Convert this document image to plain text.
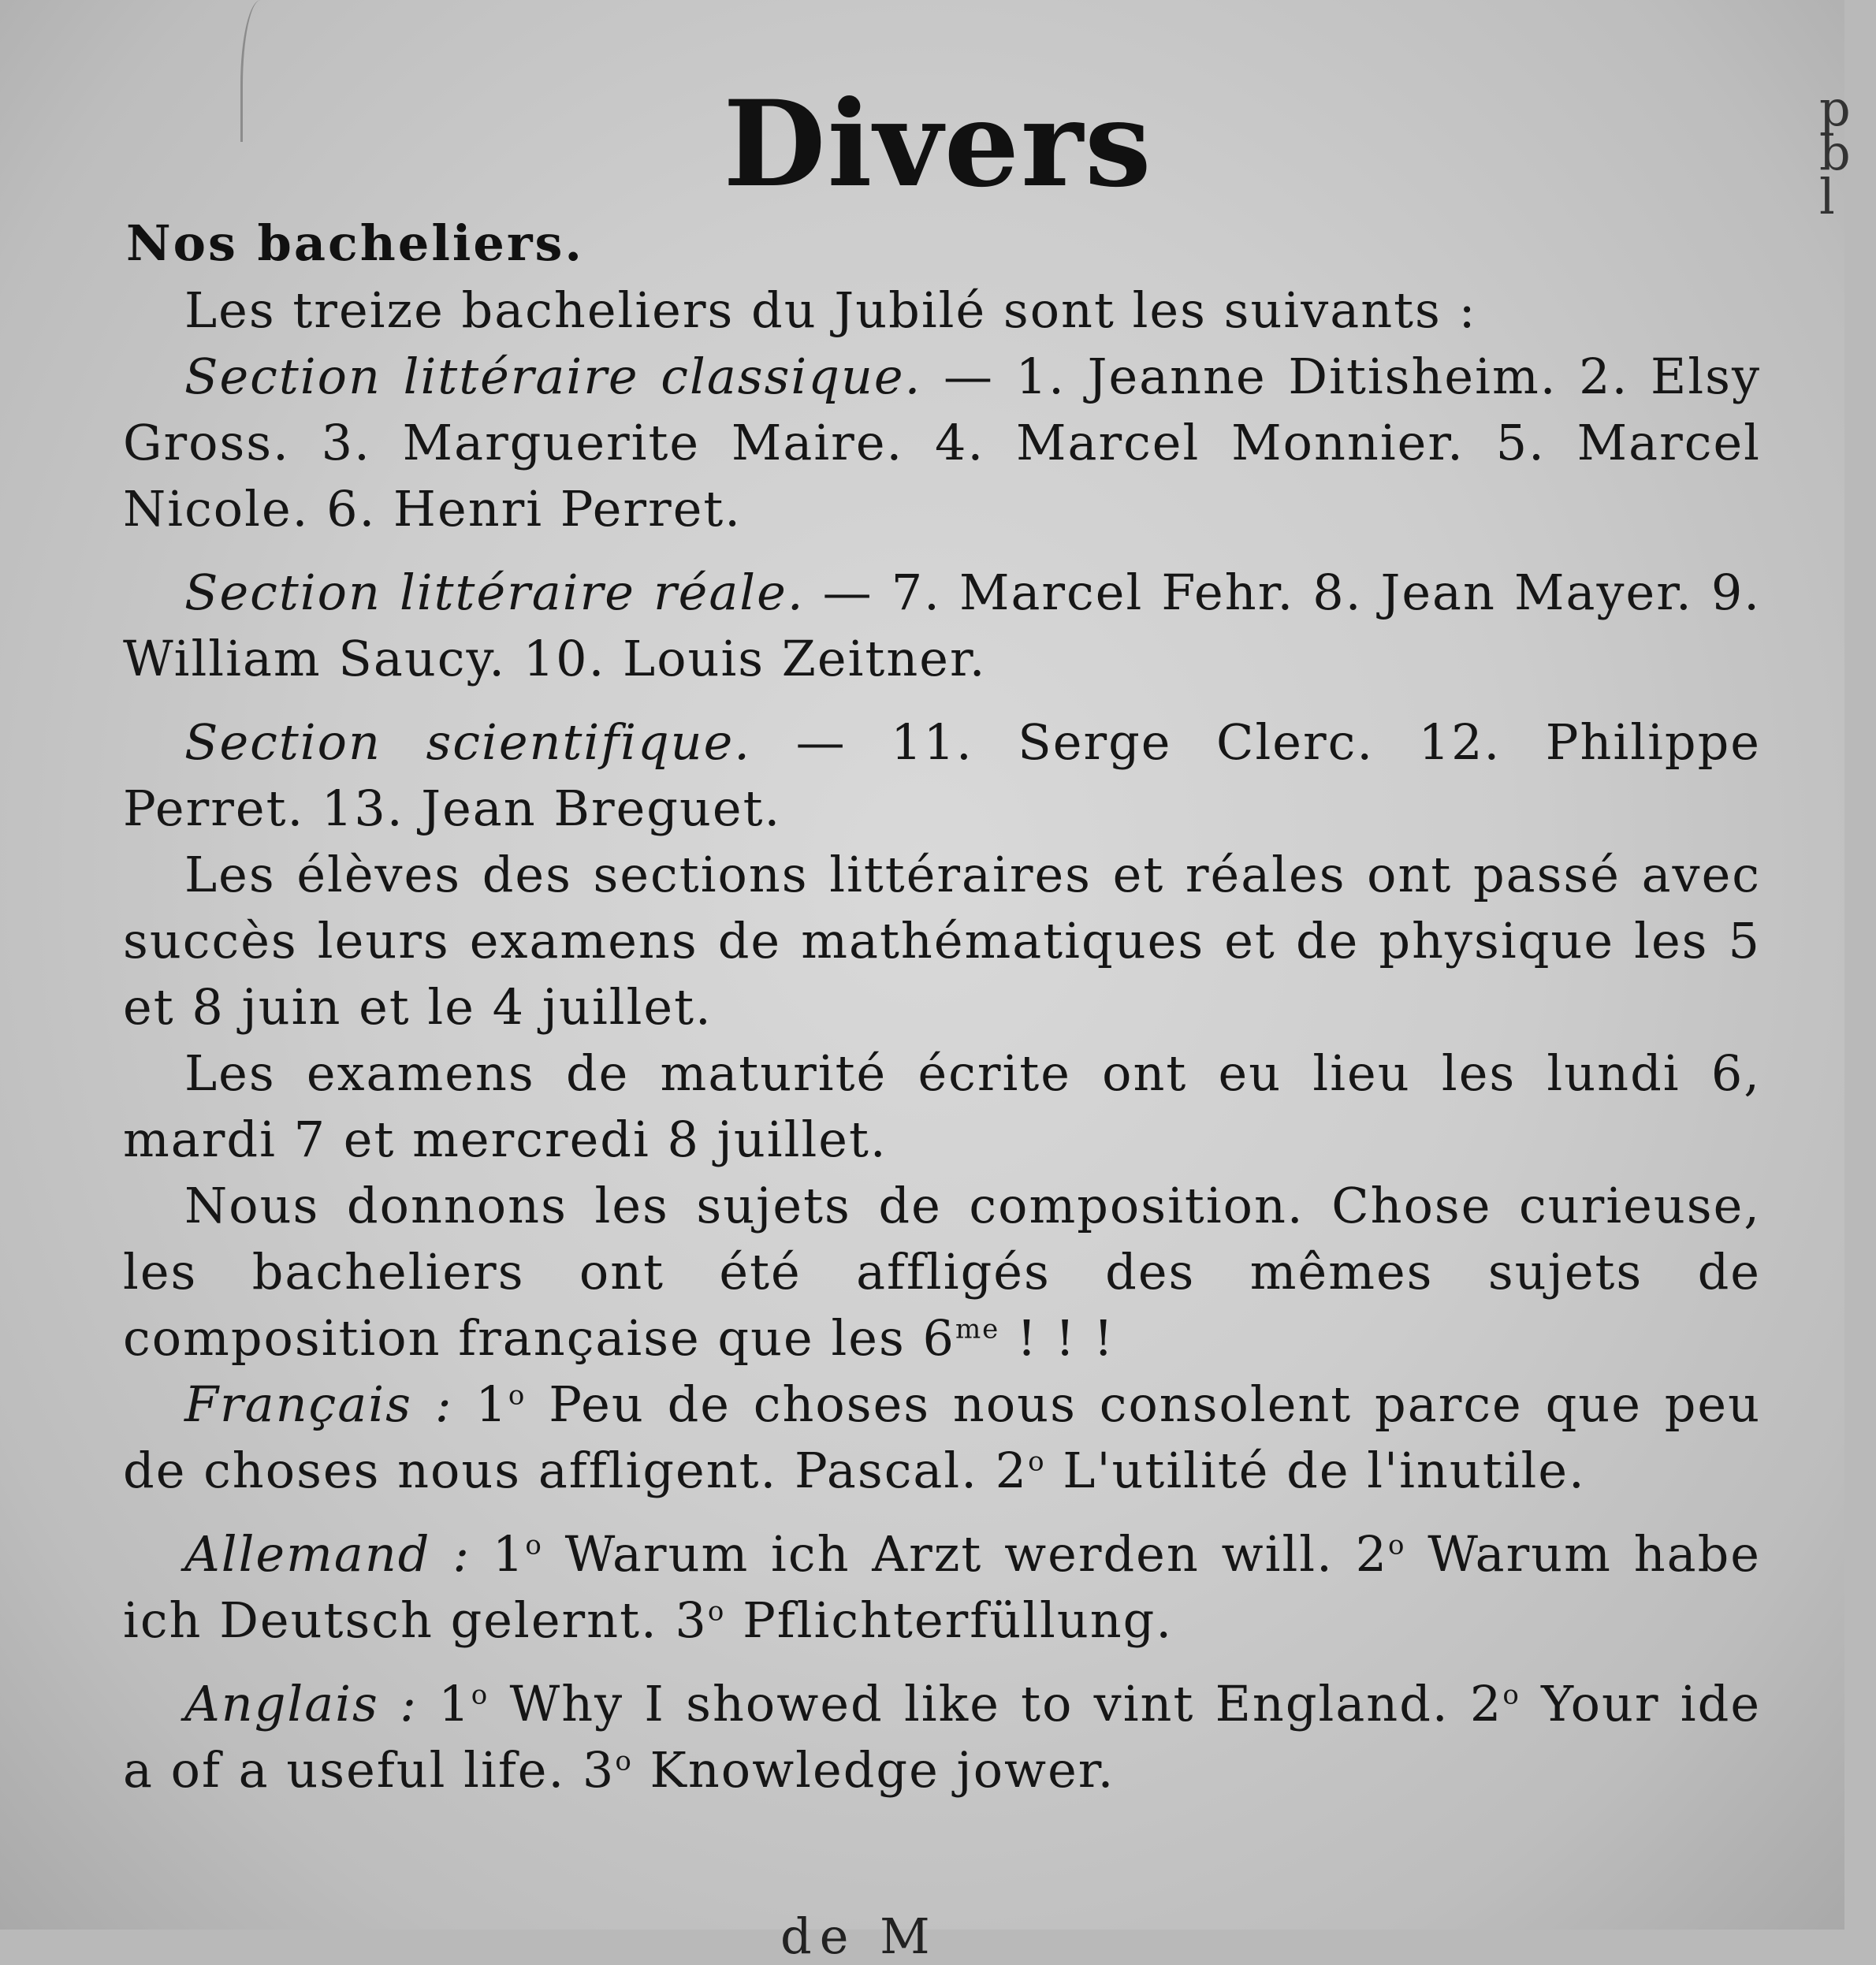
Divers
Nos bacheliers.

Les treize bacheliers du Jubilé sont les suivants :

Section littéraire classique. — 1. Jeanne Ditisheim. 2. Elsy Gross. 3. Marguerite Maire. 4. Marcel Monnier. 5. Marcel Nicole. 6. Henri Perret.

Section littéraire réale. — 7. Marcel Fehr. 8. Jean Mayer. 9. William Saucy. 10. Louis Zeitner.

Section scientifique. — 11. Serge Clerc. 12. Philippe Perret. 13. Jean Breguet.

Les élèves des sections littéraires et réales ont passé avec succès leurs examens de mathématiques et de physique les 5 et 8 juin et le 4 juillet.

Les examens de maturité écrite ont eu lieu les lundi 6, mardi 7 et mercredi 8 juillet.

Nous donnons les sujets de composition. Chose curieuse, les bacheliers ont été affligés des mêmes sujets de composition française que les $6^{me}$ ! ! !

Français : 1$^o$ Peu de choses nous consolent parce que peu de choses nous affligent. Pascal. 2$^o$ L'utilité de l'inutile.

Allemand : 1$^o$ Warum ich Arzt werden will. 2$^o$ Warum habe ich Deutsch gelernt. 3$^o$ Pflichterfüllung.

Anglais : 1$^o$ Why I showed like to vint England. 2$^o$ Your ide a of a useful life. 3$^o$ Knowledge jower.

p
b
l
de M
